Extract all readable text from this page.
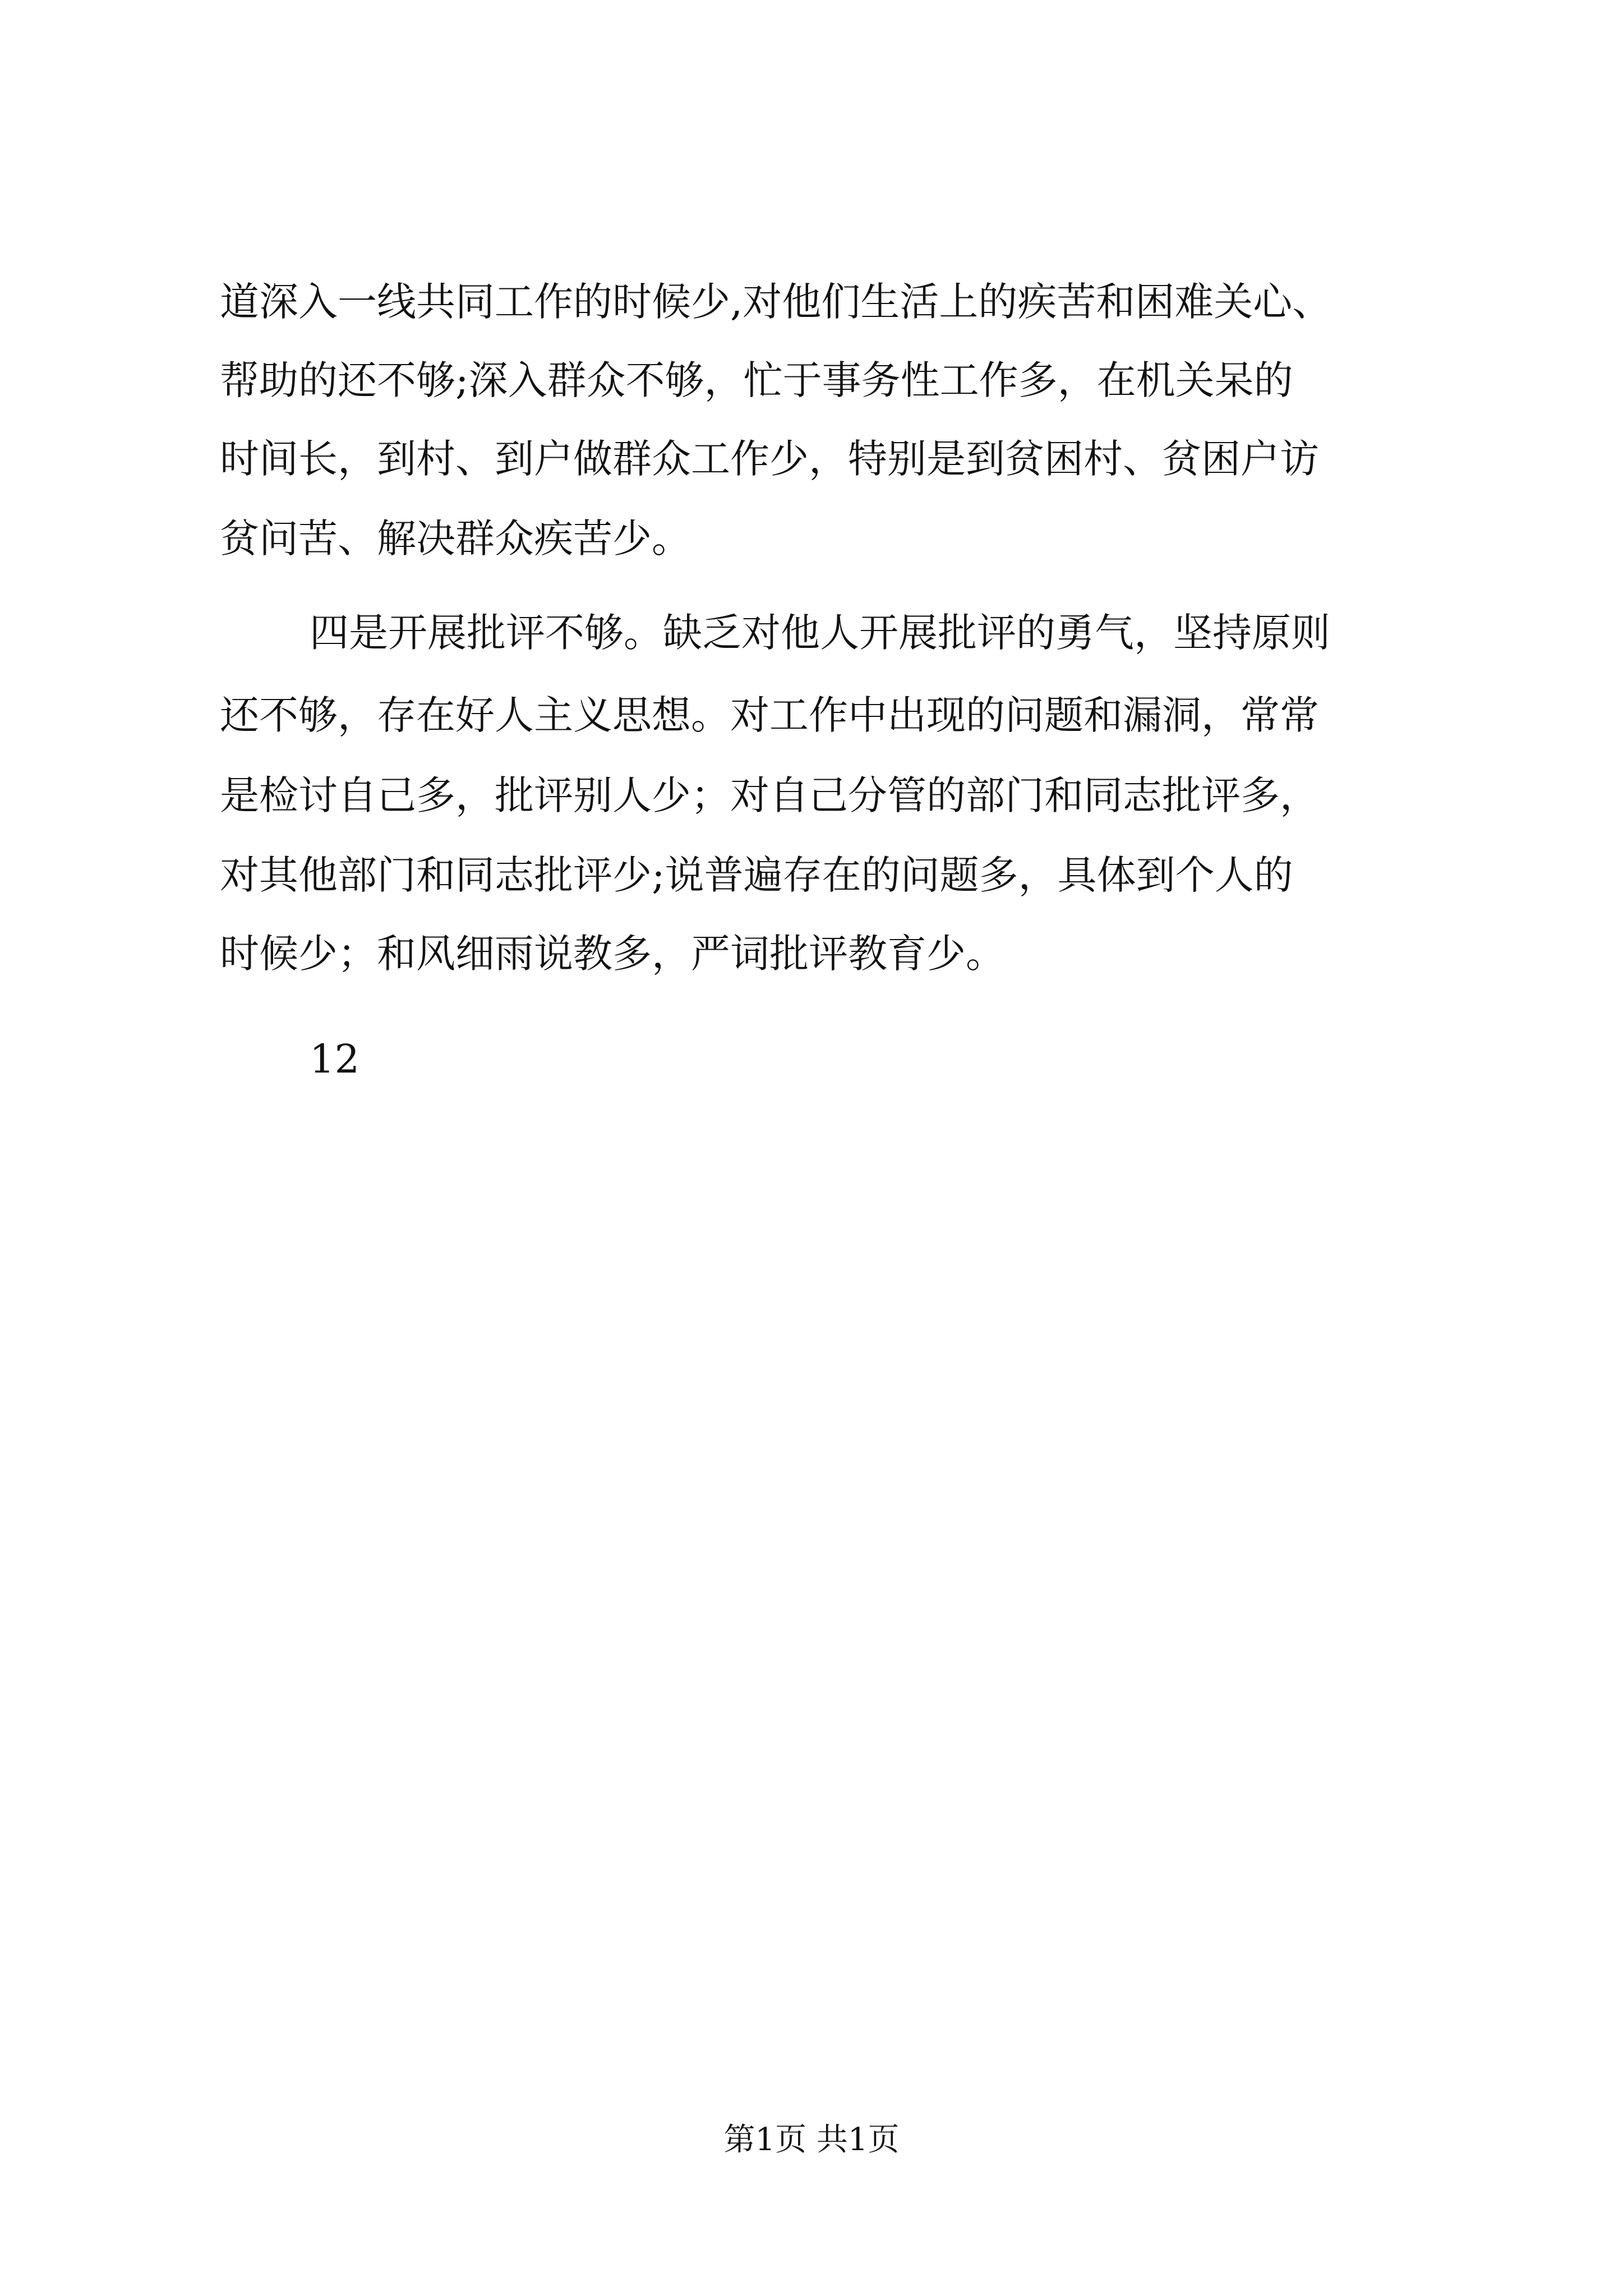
道深入一线共同工作的时候少,对他们生活上的疾苦和困难关心、
帮助的还不够;深入群众不够，忙于事务性工作多，在机关呆的
时间长，到村、到户做群众工作少，特别是到贫困村、贫困户访
贫问苦、解决群众疾苦少。
四是开展批评不够。缺乏对他人开展批评的勇气，坚持原则
还不够，存在好人主义思想。对工作中出现的问题和漏洞，常常
是检讨自己多，批评别人少；对自己分管的部门和同志批评多，
对其他部门和同志批评少;说普遍存在的问题多，具体到个人的
时候少；和风细雨说教多，严词批评教育少。
12
第1页 共1页
